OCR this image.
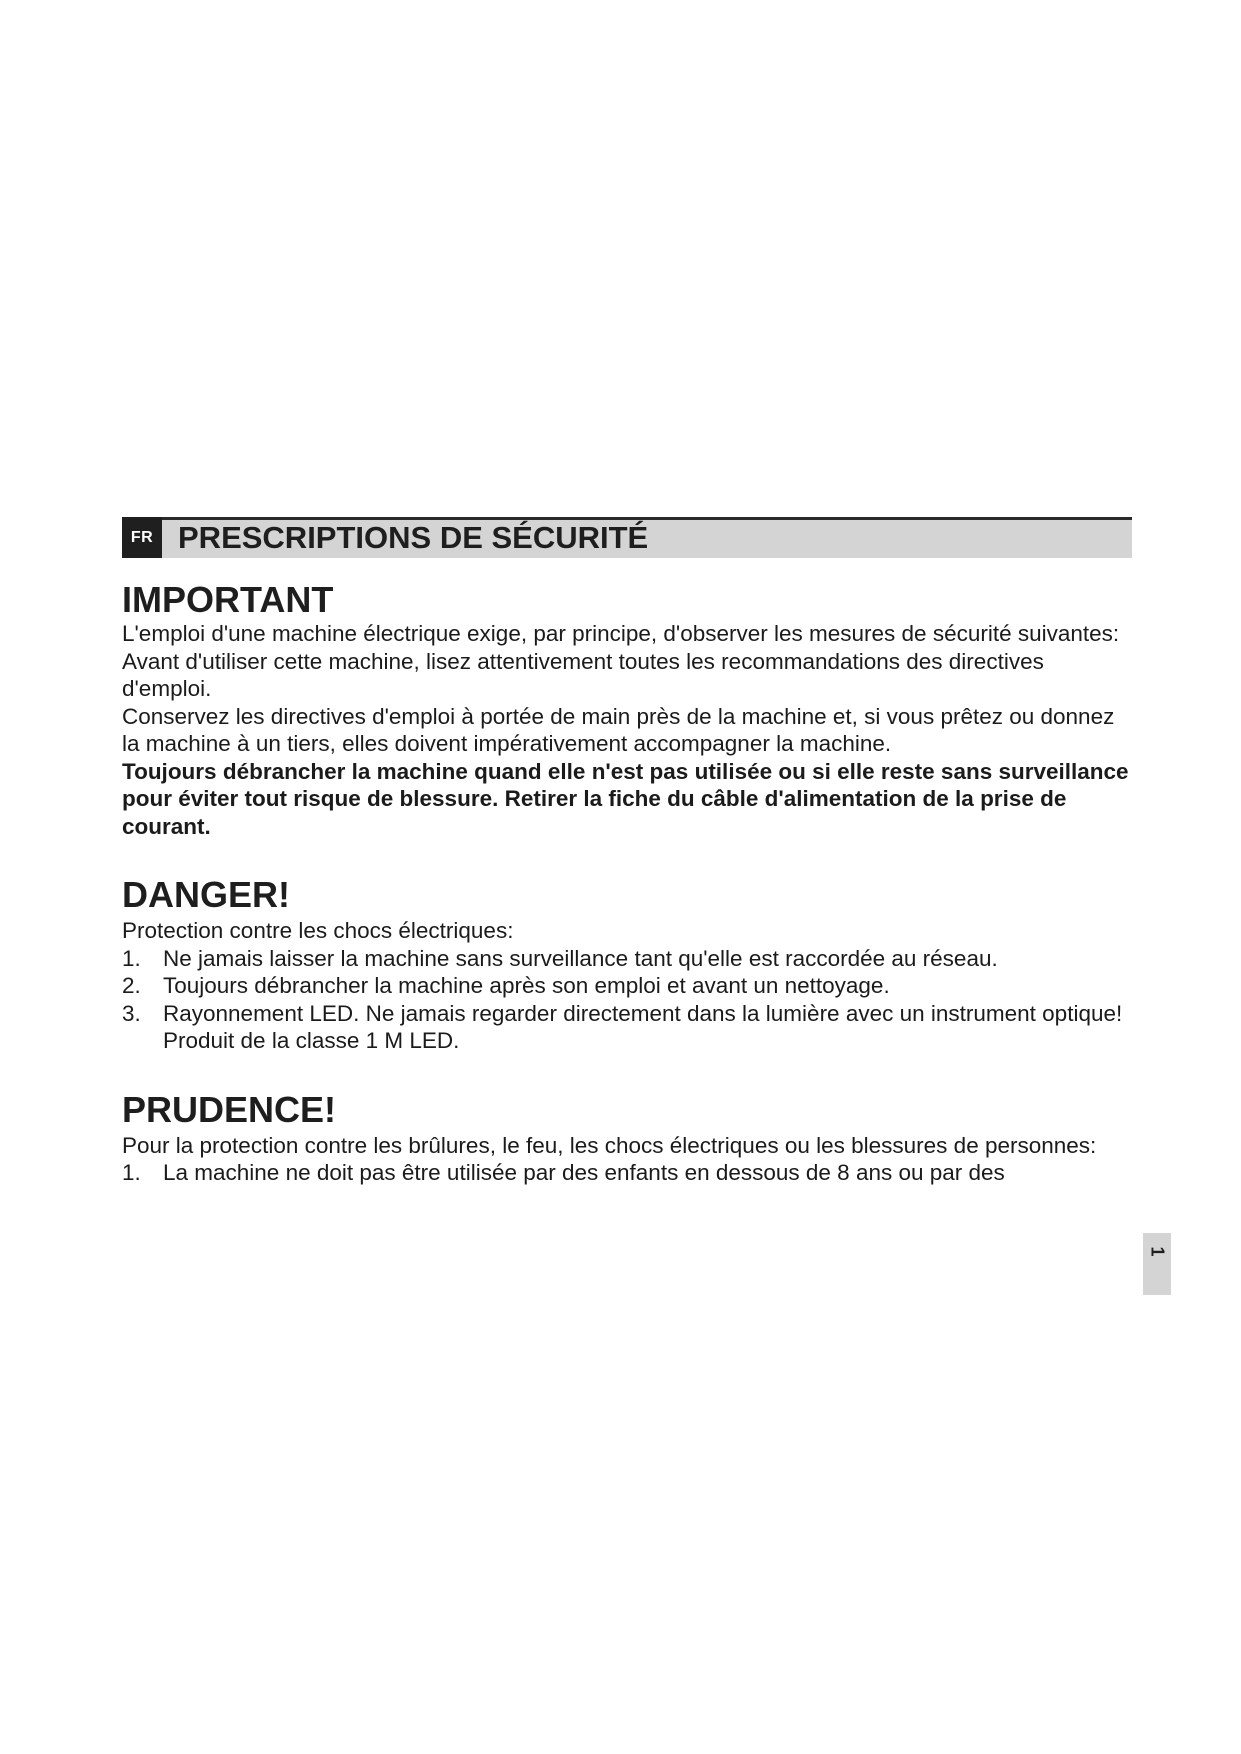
FR PRESCRIPTIONS DE SÉCURITÉ
IMPORTANT

L'emploi d'une machine électrique exige, par principe, d'observer les mesures de sécurité suivantes:

Avant d'utiliser cette machine, lisez attentivement toutes les recommandations des directives d'emploi.

Conservez les directives d'emploi à portée de main près de la machine et, si vous prêtez ou donnez la machine à un tiers, elles doivent impérativement accompagner la machine.

Toujours débrancher la machine quand elle n'est pas utilisée ou si elle reste sans surveillance pour éviter tout risque de blessure. Retirer la fiche du câble d'alimentation de la prise de courant.

DANGER!

Protection contre les chocs électriques:

1. Ne jamais laisser la machine sans surveillance tant qu'elle est raccordée au réseau.
2. Toujours débrancher la machine après son emploi et avant un nettoyage.
3. Rayonnement LED. Ne jamais regarder directement dans la lumière avec un instrument optique! Produit de la classe 1 M LED.
PRUDENCE!

Pour la protection contre les brûlures, le feu, les chocs électriques ou les blessures de personnes:

1. La machine ne doit pas être utilisée par des enfants en dessous de 8 ans ou par des
1
